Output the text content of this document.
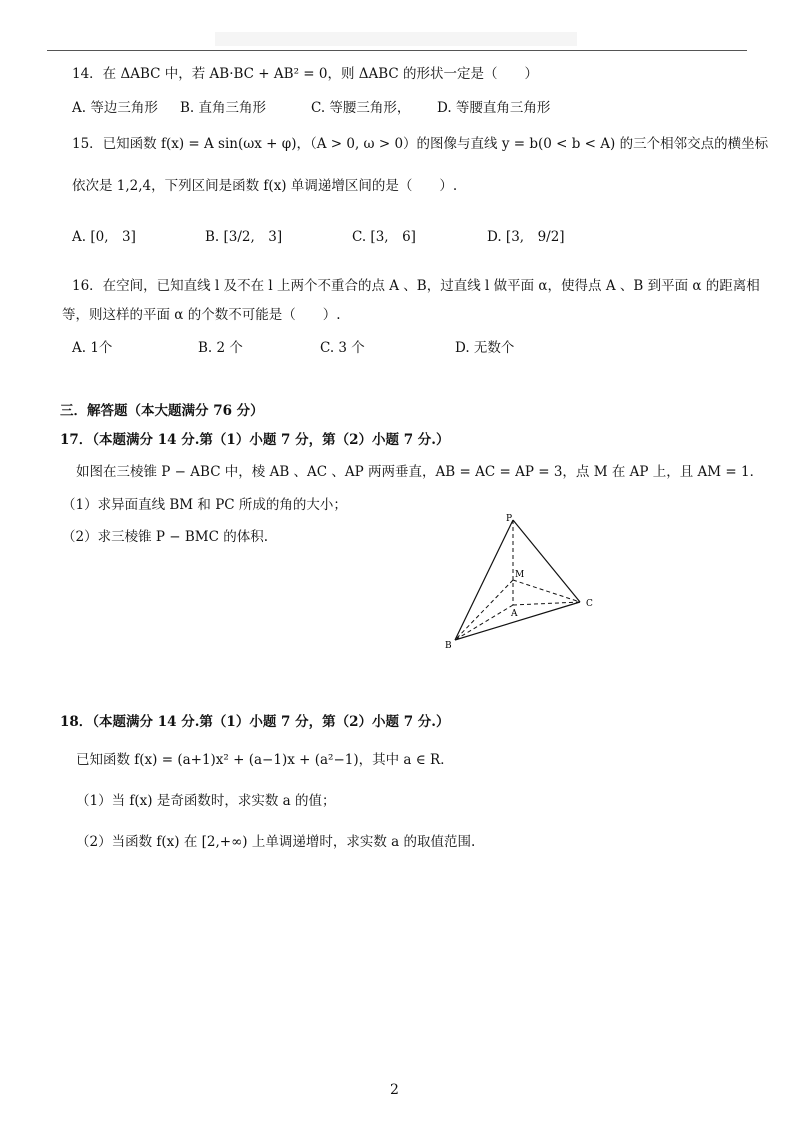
14．在 ΔABC 中，若 AB·BC + AB² = 0，则 ΔABC 的形状一定是（　　）
A. 等边三角形 B. 直角三角形	C. 等腰三角形， D. 等腰直角三角形
15．已知函数 f(x) = A sin(ωx + φ)，（A > 0, ω > 0）的图像与直线 y = b(0 < b < A) 的三个相邻交点的横坐标
依次是 1,2,4，下列区间是函数 f(x) 单调递增区间的是（　　）.
A. [0,　3]	B. [3/2,　3]	C. [3,　6]	D. [3,　9/2]
16．在空间，已知直线 l 及不在 l 上两个不重合的点 A 、B，过直线 l 做平面 α，使得点 A 、B 到平面 α 的距离相
等，则这样的平面 α 的个数不可能是（　　）.
A. 1个	B. 2 个	C. 3 个	D. 无数个
三．解答题（本大题满分 76 分）
17．（本题满分 14 分.第（1）小题 7 分，第（2）小题 7 分.）
如图在三棱锥 P − ABC 中，棱 AB 、AC 、AP 两两垂直，AB = AC = AP = 3，点 M 在 AP 上，且 AM = 1．
（1）求异面直线 BM 和 PC 所成的角的大小；
（2）求三棱锥 P − BMC 的体积.
P
M
A
B
C
18．（本题满分 14 分.第（1）小题 7 分，第（2）小题 7 分.）
已知函数 f(x) = (a+1)x² + (a−1)x + (a²−1)，其中 a ∈ R．
（1）当 f(x) 是奇函数时，求实数 a 的值；
（2）当函数 f(x) 在 [2,+∞) 上单调递增时，求实数 a 的取值范围.
2
